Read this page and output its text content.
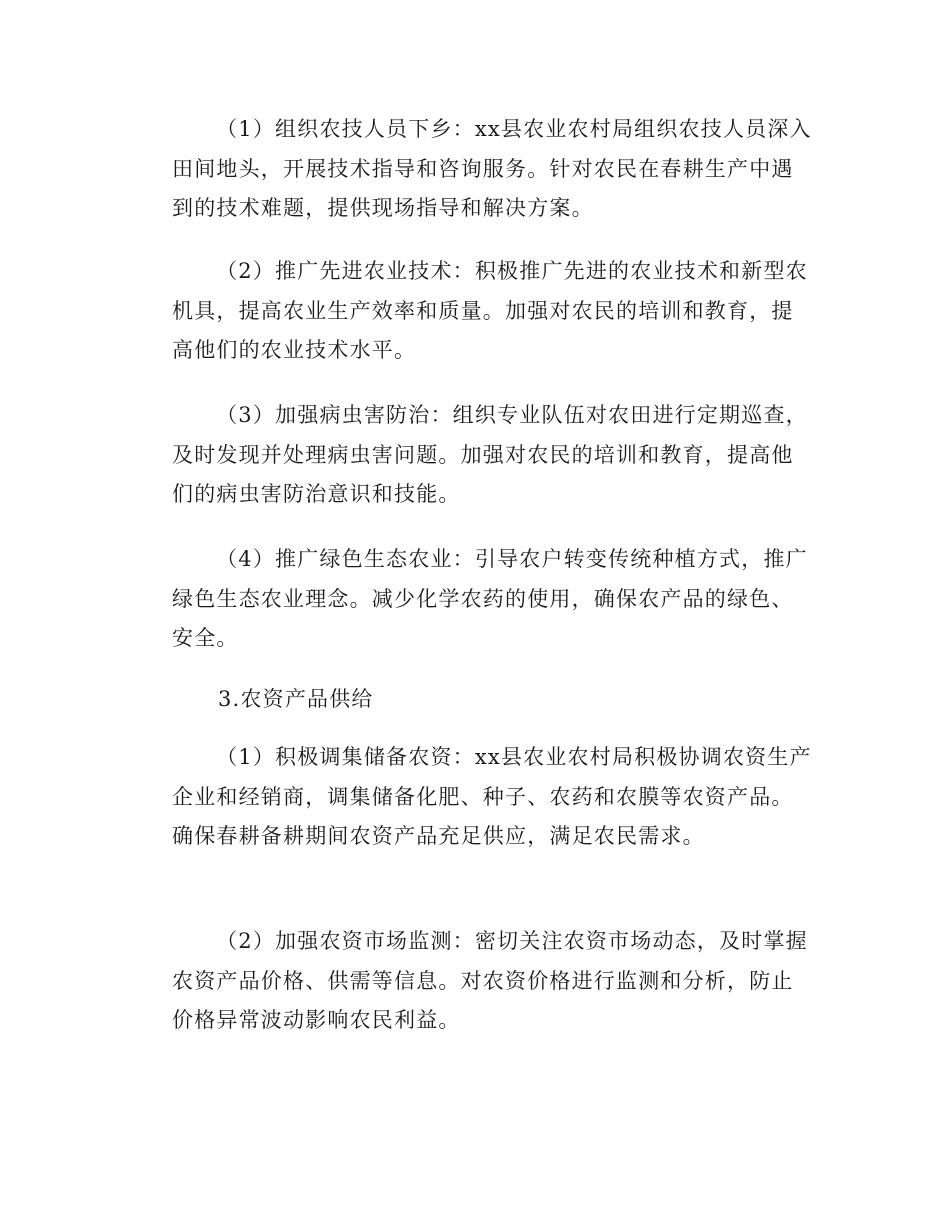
（1）组织农技人员下乡：xx县农业农村局组织农技人员深入田间地头，开展技术指导和咨询服务。针对农民在春耕生产中遇到的技术难题，提供现场指导和解决方案。

（2）推广先进农业技术：积极推广先进的农业技术和新型农机具，提高农业生产效率和质量。加强对农民的培训和教育，提高他们的农业技术水平。

（3）加强病虫害防治：组织专业队伍对农田进行定期巡查，及时发现并处理病虫害问题。加强对农民的培训和教育，提高他们的病虫害防治意识和技能。

（4）推广绿色生态农业：引导农户转变传统种植方式，推广绿色生态农业理念。减少化学农药的使用，确保农产品的绿色、安全。

3.农资产品供给

（1）积极调集储备农资：xx县农业农村局积极协调农资生产企业和经销商，调集储备化肥、种子、农药和农膜等农资产品。确保春耕备耕期间农资产品充足供应，满足农民需求。

（2）加强农资市场监测：密切关注农资市场动态，及时掌握农资产品价格、供需等信息。对农资价格进行监测和分析，防止价格异常波动影响农民利益。
